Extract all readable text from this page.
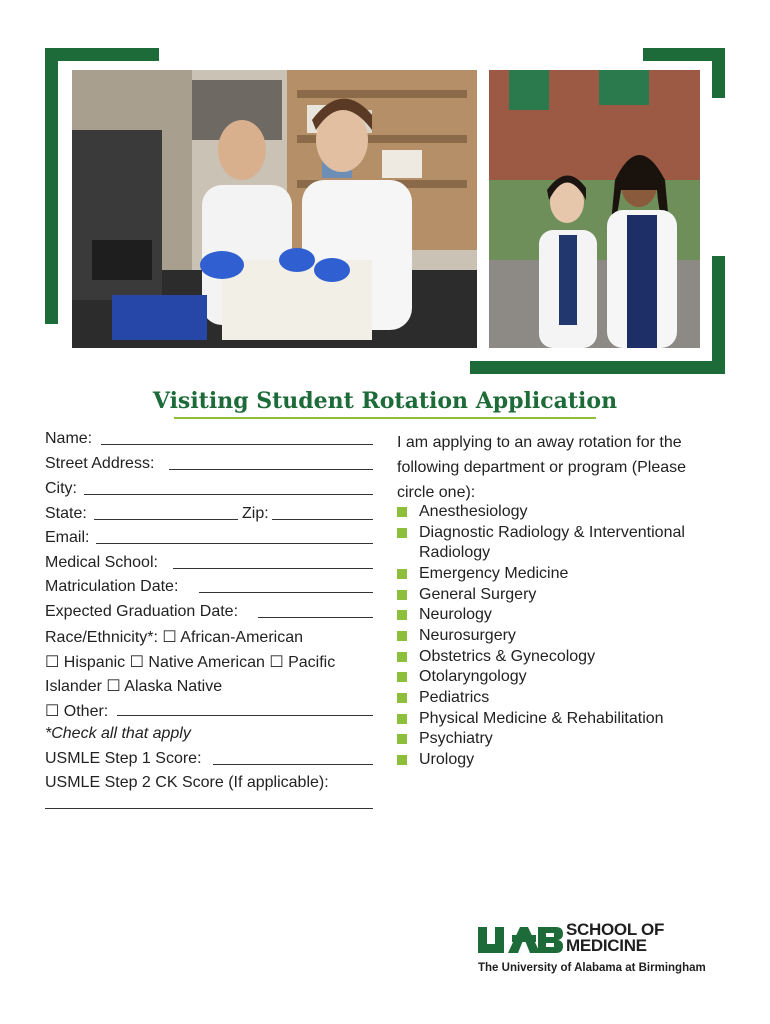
Visiting Student Rotation Application
Name:
Street Address:
City:
State:	Zip:
Email:
Medical School:
Matriculation Date:
Expected Graduation Date:
Race/Ethnicity*: ☐ African-American
☐ Hispanic ☐ Native American ☐ Pacific
Islander ☐ Alaska Native
☐ Other:
*Check all that apply
USMLE Step 1 Score:
USMLE Step 2 CK Score (If applicable):
I am applying to an away rotation for the following department or program (Please circle one):
Anesthesiology
Diagnostic Radiology & Interventional Radiology
Emergency Medicine
General Surgery
Neurology
Neurosurgery
Obstetrics & Gynecology
Otolaryngology
Pediatrics
Physical Medicine & Rehabilitation
Psychiatry
Urology
SCHOOL OF
MEDICINE
The University of Alabama at Birmingham
